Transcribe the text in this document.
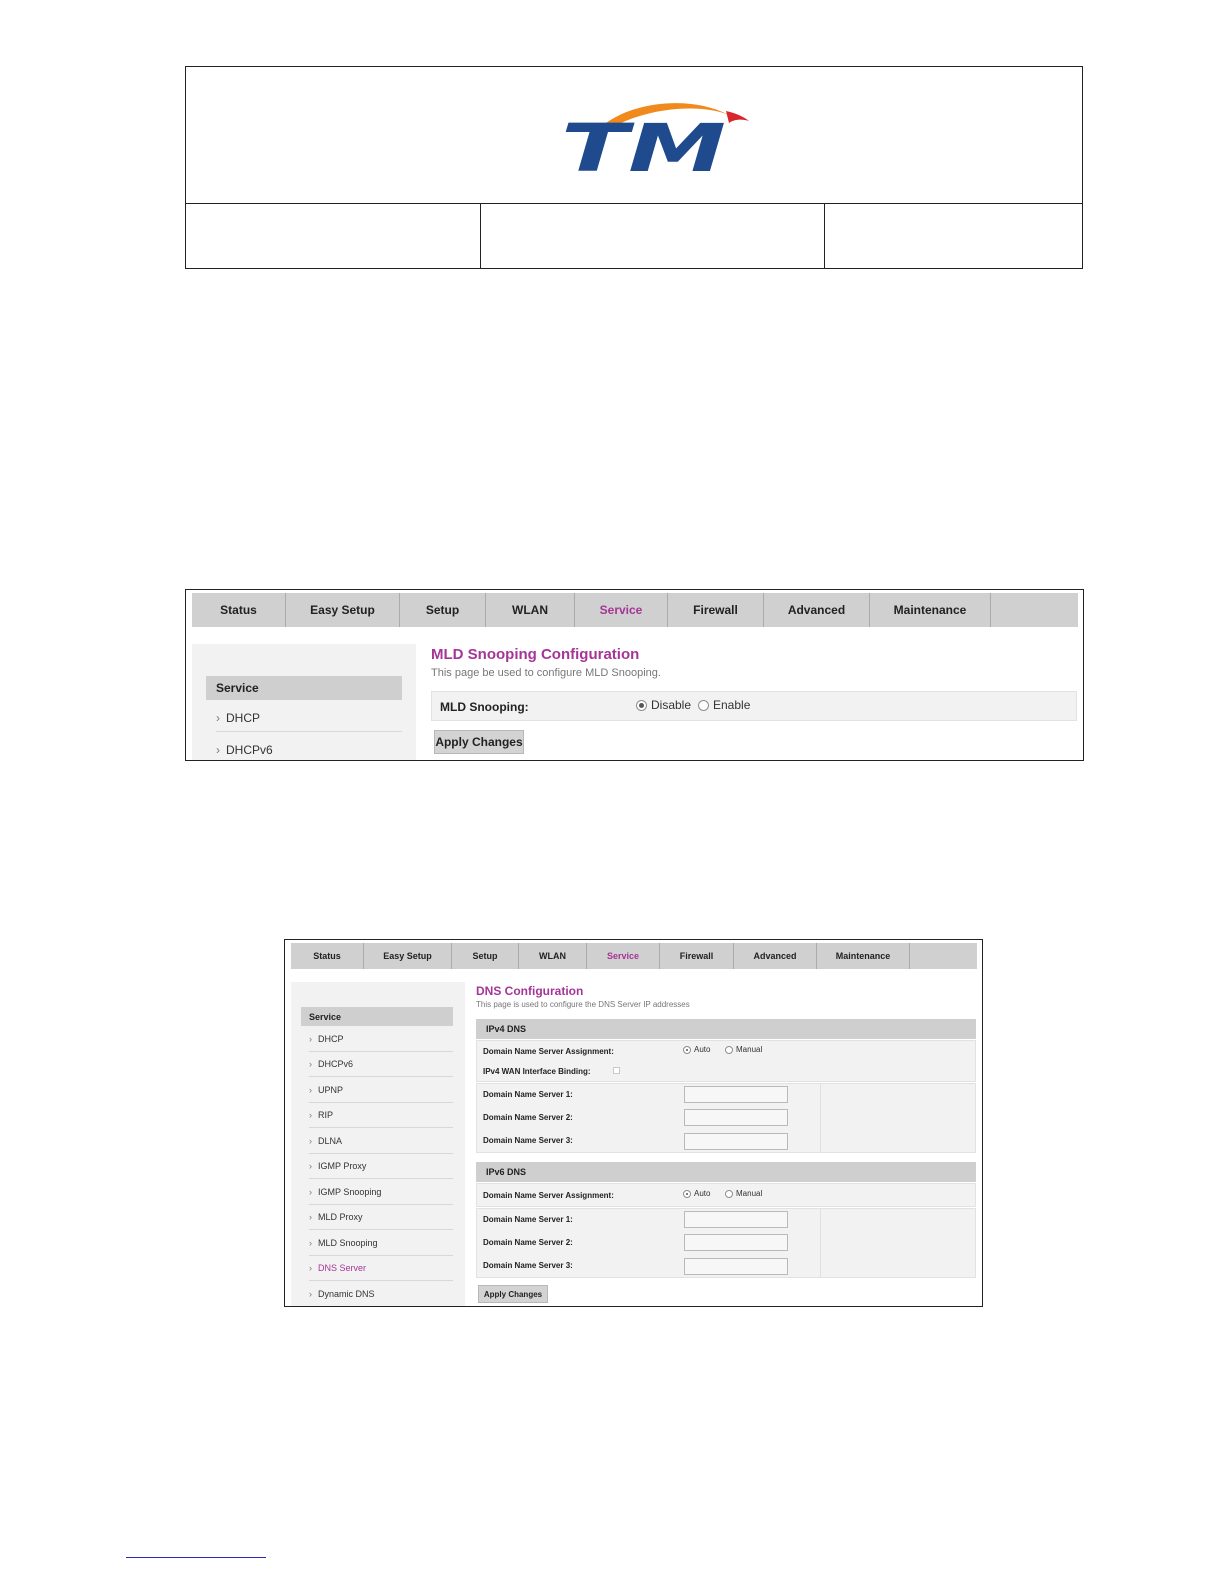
TM
Status	Easy Setup	Setup	WLAN	Service	Firewall	Advanced	Maintenance
Service
› DHCP
› DHCPv6
MLD Snooping Configuration
This page be used to configure MLD Snooping.
MLD Snooping:	Disable Enable
Apply Changes
Status	Easy Setup	Setup	WLAN	Service	Firewall	Advanced	Maintenance
Service
› DHCP
› DHCPv6
› UPNP
› RIP
› DLNA
› IGMP Proxy
› IGMP Snooping
› MLD Proxy
› MLD Snooping
› DNS Server
› Dynamic DNS
DNS Configuration
This page is used to configure the DNS Server IP addresses
IPv4 DNS
Domain Name Server Assignment:	Auto	Manual
IPv4 WAN Interface Binding:
Domain Name Server 1:
Domain Name Server 2:
Domain Name Server 3:
IPv6 DNS
Domain Name Server Assignment:	Auto	Manual
Domain Name Server 1:
Domain Name Server 2:
Domain Name Server 3:
Apply Changes
